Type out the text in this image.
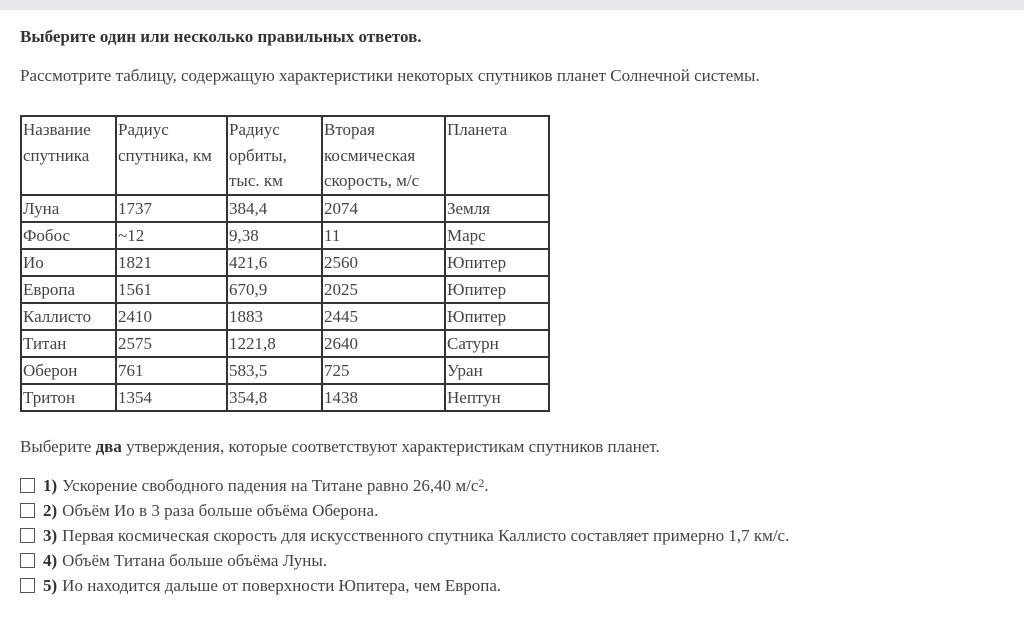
Выберите один или несколько правильных ответов.
Рассмотрите таблицу, содержащую характеристики некоторых спутников планет Солнечной системы.
Название спутника	Радиус спутника, км	Радиус орбиты, тыс. км	Вторая космическая скорость, м/с	Планета
Луна	1737	384,4	2074	Земля
Фобос	~12	9,38	11	Марс
Ио	1821	421,6	2560	Юпитер
Европа	1561	670,9	2025	Юпитер
Каллисто	2410	1883	2445	Юпитер
Титан	2575	1221,8	2640	Сатурн
Оберон	761	583,5	725	Уран
Тритон	1354	354,8	1438	Нептун
Выберите два утверждения, которые соответствуют характеристикам спутников планет.
1) Ускорение свободного падения на Титане равно 26,40 м/с $^2$ .
2) Объём Ио в 3 раза больше объёма Оберона.
3) Первая космическая скорость для искусственного спутника Каллисто составляет примерно 1,7 км/с.
4) Объём Титана больше объёма Луны.
5) Ио находится дальше от поверхности Юпитера, чем Европа.
